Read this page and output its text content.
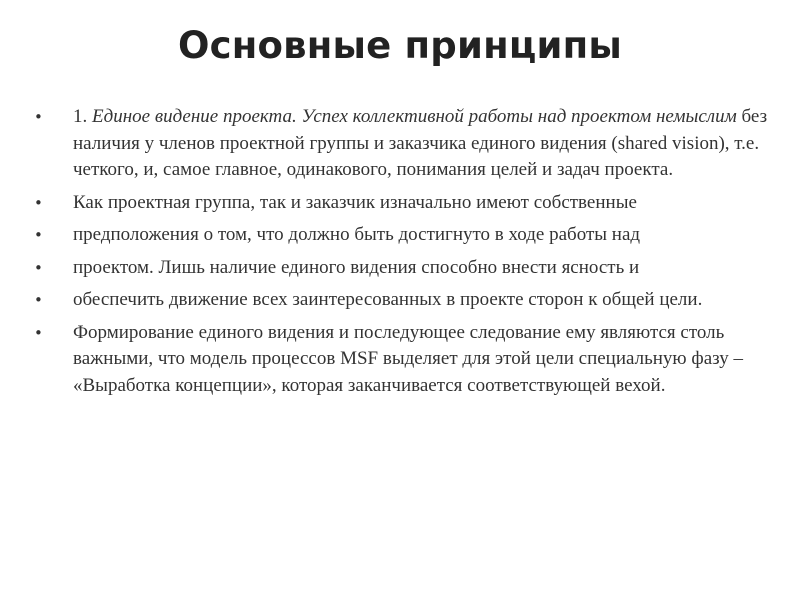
Основные принципы
•	1. Единое видение проекта. Успех коллективной работы над проектом немыслим без наличия у членов проектной группы и заказчика единого видения (shared vision), т.е. четкого, и, самое главное, одинакового, понимания целей и задач проекта.
•	Как проектная группа, так и заказчик изначально имеют собственные
•	предположения о том, что должно быть достигнуто в ходе работы над
•	проектом. Лишь наличие единого видения способно внести ясность и
•	обеспечить движение всех заинтересованных в проекте сторон к общей цели.
•	Формирование единого видения и последующее следование ему являются столь важными, что модель процессов MSF выделяет для этой цели специальную фазу – «Выработка концепции», которая заканчивается соответствующей вехой.
